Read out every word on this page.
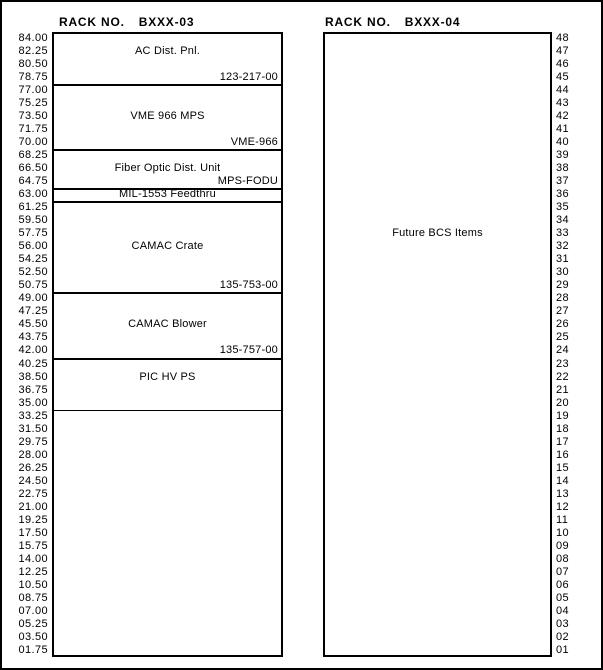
RACK NO. BXXX-03	RACK NO. BXXX-04
84.00
82.25
80.50
78.75
77.00
75.25
73.50
71.75
70.00
68.25
66.50
64.75
63.00
61.25
59.50
57.75
56.00
54.25
52.50
50.75
49.00
47.25
45.50
43.75
42.00
40.25
38.50
36.75
35.00
33.25
31.50
29.75
28.00
26.25
24.50
22.75
21.00
19.25
17.50
15.75
14.00
12.25
10.50
08.75
07.00
05.25
03.50
01.75
AC Dist. Pnl.
123-217-00
VME 966 MPS
VME-966
Fiber Optic Dist. Unit
MPS-FODU
MIL-1553 Feedthru
CAMAC Crate
135-753-00
CAMAC Blower
135-757-00
PIC HV PS
Future BCS Items
48
47
46
45
44
43
42
41
40
39
38
37
36
35
34
33
32
31
30
29
28
27
26
25
24
23
22
21
20
19
18
17
16
15
14
13
12
11
10
09
08
07
06
05
04
03
02
01
